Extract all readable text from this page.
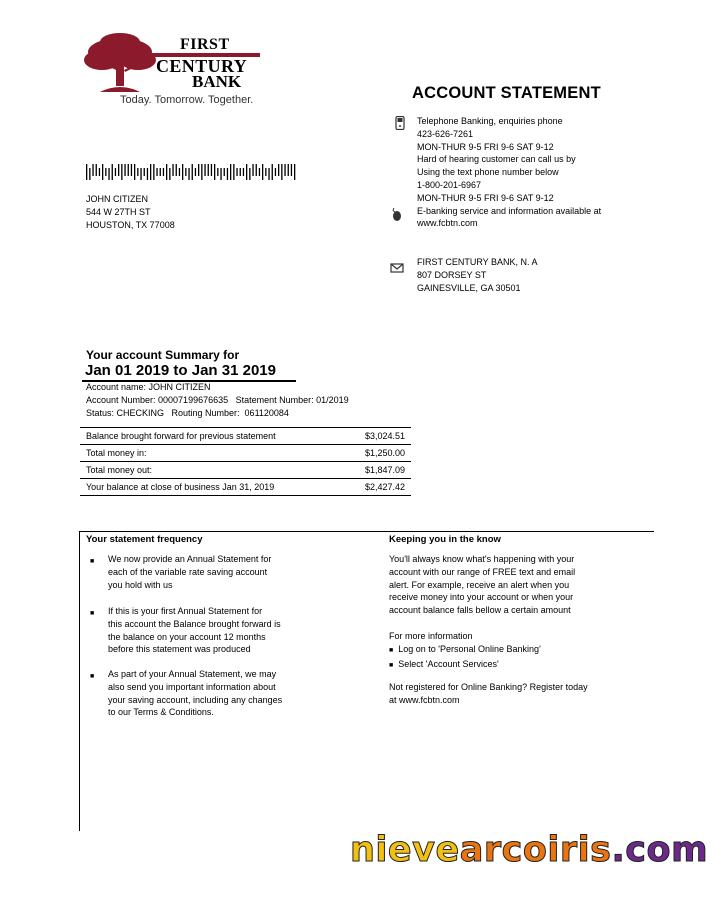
FIRST
CENTURY
BANK
Today. Tomorrow. Together.	ACCOUNT STATEMENT
JOHN CITIZEN
544 W 27TH ST
HOUSTON, TX 77008
Telephone Banking, enquiries phone
423-626-7261
MON-THUR 9-5 FRI 9-6 SAT 9-12
Hard of hearing customer can call us by
Using the text phone number below
1-800-201-6967
MON-THUR 9-5 FRI 9-6 SAT 9-12
E-banking service and information available at
www.fcbtn.com
FIRST CENTURY BANK, N. A
807 DORSEY ST
GAINESVILLE, GA 30501
Your account Summary for
Jan 01 2019 to Jan 31 2019
Account name: JOHN CITIZEN
Account Number: 00007199676635   Statement Number: 01/2019
Status: CHECKING   Routing Number:  061120084
Balance brought forward for previous statement	$3,024.51
Total money in:	$1,250.00
Total money out:	$1,847.09
Your balance at close of business Jan 31, 2019	$2,427.42
Your statement frequency
■ We now provide an Annual Statement for
each of the variable rate saving account
you hold with us
■ If this is your first Annual Statement for
this account the Balance brought forward is
the balance on your account 12 months
before this statement was produced
■ As part of your Annual Statement, we may
also send you important information about
your saving account, including any changes
to our Terms & Conditions.
Keeping you in the know
You'll always know what's happening with your
account with our range of FREE text and email
alert. For example, receive an alert when you
receive money into your account or when your
account balance falls bellow a certain amount
For more information
■ Log on to 'Personal Online Banking'
■ Select 'Account Services'
Not registered for Online Banking? Register today
at www.fcbtn.com
nievearcoiris.com
